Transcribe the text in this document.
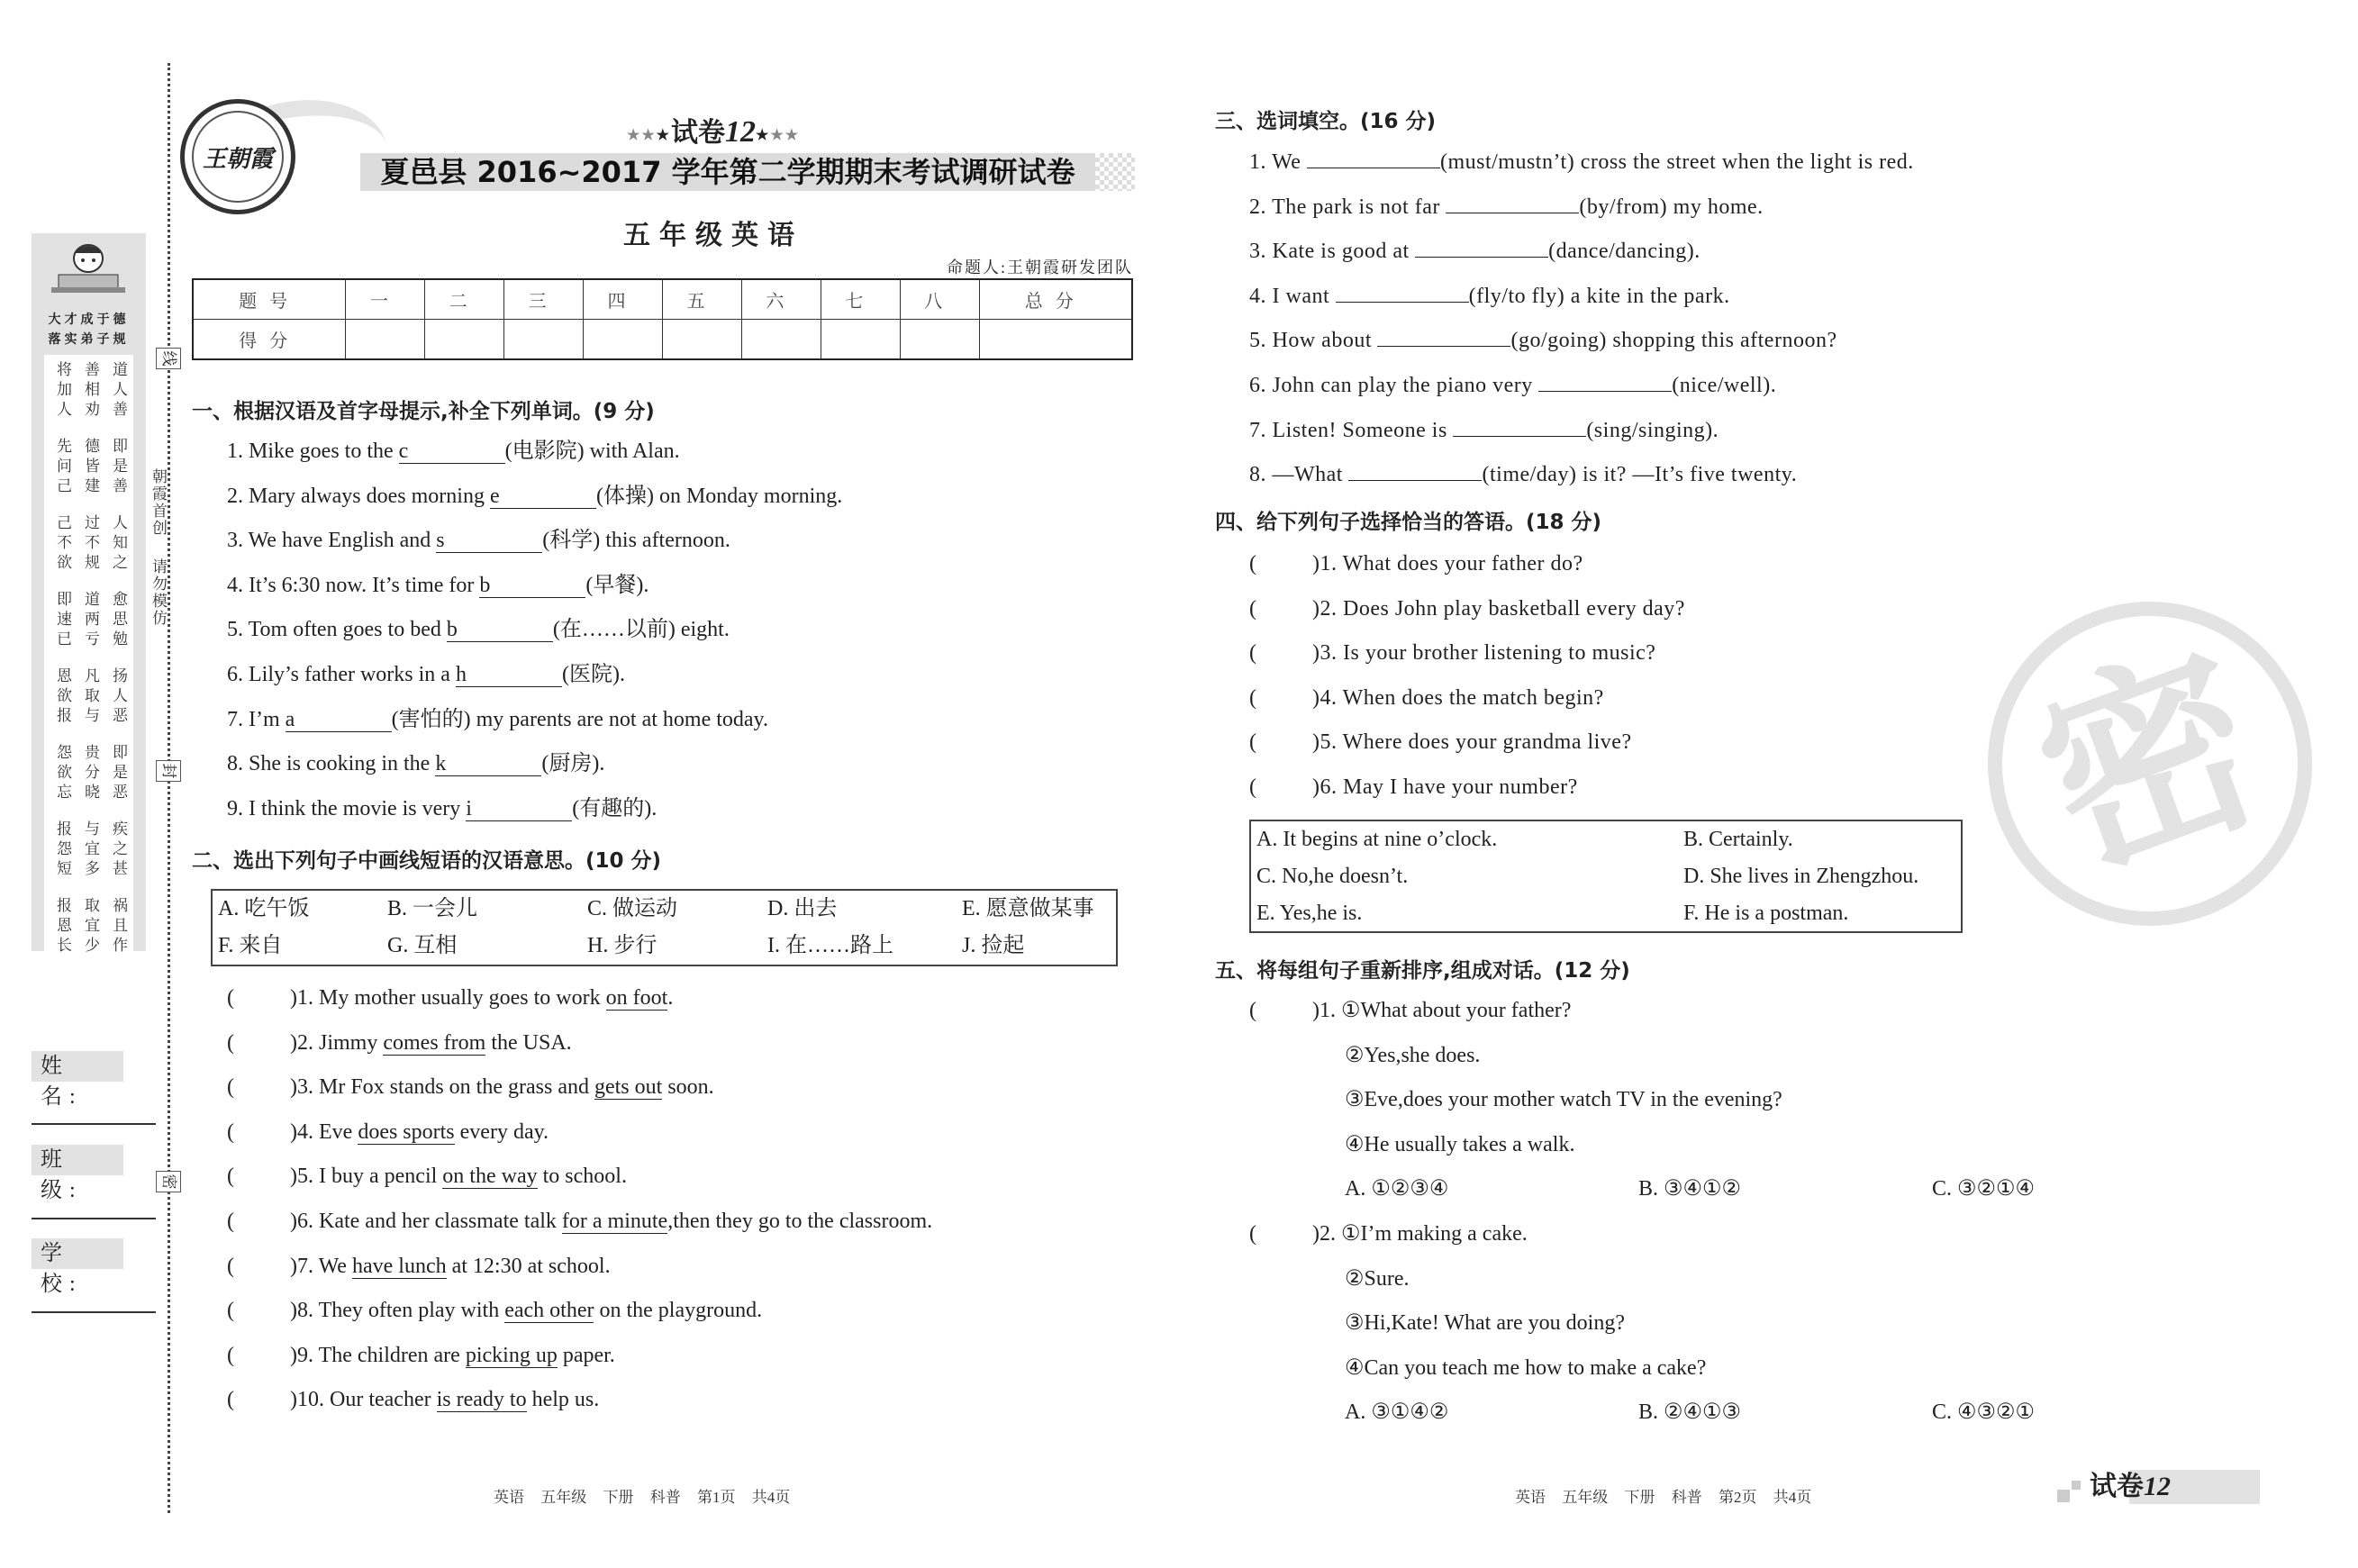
线
封
密
朝霞首创
请勿模仿
大才成于德
落实弟子规
将善道
加相人
人劝善
先德即
问皆是
己建善
己过人
不不知
欲规之
即道愈
速两思
已亏勉
恩凡扬
欲取人
报与恶
怨贵即
欲分是
忘晓恶
报与疾
怨宜之
短多甚
报取祸
恩宜且
长少作
姓 名:
班 级:
学 校:
王朝霞
★★★试卷12★★★
夏邑县 2016~2017 学年第二学期期末考试调研试卷
五年级英语
命题人:王朝霞研发团队
题号	一	二	三	四	五	六	七	八	总分
得分									
一、根据汉语及首字母提示,补全下列单词。(9 分)
1. Mike goes to the c	(电影院) with Alan.
2. Mary always does morning e	(体操) on Monday morning.
3. We have English and s	(科学) this afternoon.
4. It’s 6:30 now. It’s time for b	(早餐).
5. Tom often goes to bed b	(在……以前) eight.
6. Lily’s father works in a h	(医院).
7. I’m a	(害怕的) my parents are not at home today.
8. She is cooking in the k	(厨房).
9. I think the movie is very i	(有趣的).
二、选出下列句子中画线短语的汉语意思。(10 分)
A. 吃午饭	B. 一会儿	C. 做运动	D. 出去	E. 愿意做某事
F. 来自	G. 互相	H. 步行	I. 在……路上	J. 捡起
(	)1. My mother usually goes to work on foot.
(	)2. Jimmy comes from the USA.
(	)3. Mr Fox stands on the grass and gets out soon.
(	)4. Eve does sports every day.
(	)5. I buy a pencil on the way to school.
(	)6. Kate and her classmate talk for a minute,then they go to the classroom.
(	)7. We have lunch at 12:30 at school.
(	)8. They often play with each other on the playground.
(	)9. The children are picking up paper.
(	)10. Our teacher is ready to help us.
英语 五年级 下册 科普 第1页 共4页
密
三、选词填空。(16 分)
1. We	(must/mustn’t) cross the street when the light is red.
2. The park is not far	(by/from) my home.
3. Kate is good at	(dance/dancing).
4. I want	(fly/to fly) a kite in the park.
5. How about	(go/going) shopping this afternoon?
6. John can play the piano very	(nice/well).
7. Listen! Someone is	(sing/singing).
8. —What	(time/day) is it? —It’s five twenty.
四、给下列句子选择恰当的答语。(18 分)
(	)1. What does your father do?
(	)2. Does John play basketball every day?
(	)3. Is your brother listening to music?
(	)4. When does the match begin?
(	)5. Where does your grandma live?
(	)6. May I have your number?
A. It begins at nine o’clock.	B. Certainly.
C. No,he doesn’t.	D. She lives in Zhengzhou.
E. Yes,he is.	F. He is a postman.
五、将每组句子重新排序,组成对话。(12 分)
(	)1. ①What about your father?
②Yes,she does.
③Eve,does your mother watch TV in the evening?
④He usually takes a walk.
A. ①②③④	B. ③④①②	C. ③②①④
(	)2. ①I’m making a cake.
②Sure.
③Hi,Kate! What are you doing?
④Can you teach me how to make a cake?
A. ③①④②	B. ②④①③	C. ④③②①
英语 五年级 下册 科普 第2页 共4页	试卷12
